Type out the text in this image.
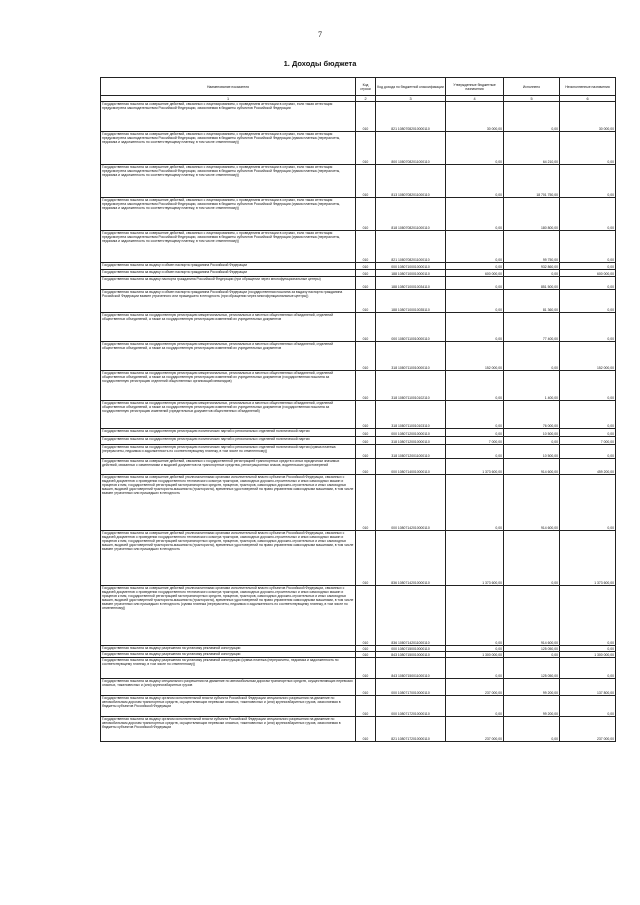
7
1. Доходы бюджета
Наименование показателя	Код строки	Код дохода по бюджетной классификации	Утвержденные бюджетные назначения	Исполнено	Неисполненные назначения
1	2	3	4	5	6
Государственная пошлина за совершение действий, связанных с лицензированием, с проведением аттестации в случаях, если такая аттестация предусмотрена законодательством Российской Федерации, зачисляемая в бюджеты субъектов Российской Федерации	010	821 10807082010000110	30 000,00	0,00	30 000,00
Государственная пошлина за совершение действий, связанных с лицензированием, с проведением аттестации в случаях, если такая аттестация предусмотрена законодательством Российской Федерации, зачисляемая в бюджеты субъектов Российской Федерации (сумма платежа (перерасчеты, недоимка и задолженность по соответствующему платежу, в том числе отмененному))	010	800 10807082011000110	0,00	64 210,00	0,00
Государственная пошлина за совершение действий, связанных с лицензированием, с проведением аттестации в случаях, если такая аттестация предусмотрена законодательством Российской Федерации, зачисляемая в бюджеты субъектов Российской Федерации (сумма платежа (перерасчеты, недоимка и задолженность по соответствующему платежу, в том числе отмененному))	010	813 10807082011000110	0,00	18 701 750,00	0,00
Государственная пошлина за совершение действий, связанных с лицензированием, с проведением аттестации в случаях, если такая аттестация предусмотрена законодательством Российской Федерации, зачисляемая в бюджеты субъектов Российской Федерации (сумма платежа (перерасчеты, недоимка и задолженность по соответствующему платежу, в том числе отмененному))	010	818 10807082011000110	0,00	180 800,00	0,00
Государственная пошлина за совершение действий, связанных с лицензированием, с проведением аттестации в случаях, если такая аттестация предусмотрена законодательством Российской Федерации, зачисляемая в бюджеты субъектов Российской Федерации (сумма платежа (перерасчеты, недоимка и задолженность по соответствующему платежу, в том числе отмененному))	010	821 10807082011000110	0,00	99 750,00	0,00
Государственная пошлина за выдачу и обмен паспорта гражданина Российской Федерации	010	000 10807100010000110	0,00	932 860,00	0,00
Государственная пошлина за выдачу и обмен паспорта гражданина Российской Федерации	010	188 10807100010000110	600 000,00	0,00	600 000,00
Государственная пошлина за выдачу паспорта гражданина Российской Федерации (при обращении через многофункциональные центры)	010	188 10807100010034110	0,00	851 500,00	0,00
Государственная пошлина за выдачу и обмен паспорта гражданина Российской Федерации (государственная пошлина за выдачу паспорта гражданина Российской Федерации взамен утраченного или пришедшего в негодность (при обращении через многофункциональные центры))	010	188 10807100010035110	0,00	81 360,00	0,00
Государственная пошлина за государственную регистрацию межрегиональных, региональных и местных общественных объединений, отделений общественных объединений, а также за государственную регистрацию изменений их учредительных документов	010	000 10807110010000110	0,00	77 400,00	0,00
Государственная пошлина за государственную регистрацию межрегиональных, региональных и местных общественных объединений, отделений общественных объединений, а также за государственную регистрацию изменений их учредительных документов	010	318 10807110010000110	152 000,00	0,00	152 000,00
Государственная пошлина за государственную регистрацию межрегиональных, региональных и местных общественных объединений, отделений общественных объединений, а также за государственную регистрацию изменений их учредительных документов (государственная пошлина за государственную регистрацию отделений общественных организаций инвалидов)	010	318 10807110010102110	0,00	1 400,00	0,00
Государственная пошлина за государственную регистрацию межрегиональных, региональных и местных общественных объединений, отделений общественных объединений, а также за государственную регистрацию изменений их учредительных документов (государственная пошлина за государственную регистрацию изменений учредительных документов общественных объединений)	010	318 10807110010103110	0,00	76 000,00	0,00
Государственная пошлина за государственную регистрацию политических партий и региональных отделений политической партии	010	000 10807120010000110	0,00	10 500,00	0,00
Государственная пошлина за государственную регистрацию политических партий и региональных отделений политической партии	010	318 10807120010000110	7 000,00	0,00	7 000,00
Государственная пошлина за государственную регистрацию политических партий и региональных отделений политической партии (сумма платежа (перерасчеты, недоимка и задолженность по соответствующему платежу, в том числе по отмененному))	010	318 10807120011000110	0,00	10 500,00	0,00
Государственная пошлина за совершение действий, связанных с государственной регистрацией транспортных средств и иных юридически значимых действий, связанных с изменениями и выдачей документов на транспортные средства, регистрационных знаков, водительских удостоверений	010	000 10807140010000110	1 373 600,00	914 600,00	459 200,00
Государственная пошлина за совершение действий уполномоченными органами исполнительной власти субъектов Российской Федерации, связанных с выдачей документов о проведении государственного технического осмотра тракторов, самоходных дорожно-строительных и иных самоходных машин и прицепов к ним, государственной регистрацией мототранспортных средств, прицепов, тракторов, самоходных дорожно-строительных и иных самоходных машин, выдачей удостоверений тракториста-машиниста (тракториста), временных удостоверений на право управления самоходными машинами, в том числе взамен утраченных или пришедших в негодность	010	000 10807142010000110	0,00	914 600,00	0,00
Государственная пошлина за совершение действий уполномоченными органами исполнительной власти субъектов Российской Федерации, связанных с выдачей документов о проведении государственного технического осмотра тракторов, самоходных дорожно-строительных и иных самоходных машин и прицепов к ним, государственной регистрацией мототранспортных средств, прицепов, тракторов, самоходных дорожно-строительных и иных самоходных машин, выдачей удостоверений тракториста-машиниста (тракториста), временных удостоверений на право управления самоходными машинами, в том числе взамен утраченных или пришедших в негодность	010	836 10807142010000110	1 373 600,00	0,00	1 373 600,00
Государственная пошлина за совершение действий уполномоченными органами исполнительной власти субъектов Российской Федерации, связанных с выдачей документов о проведении государственного технического осмотра тракторов, самоходных дорожно-строительных и иных самоходных машин и прицепов к ним, государственной регистрацией мототранспортных средств, прицепов, тракторов, самоходных дорожно-строительных и иных самоходных машин, выдачей удостоверений тракториста-машиниста (тракториста), временных удостоверений на право управления самоходными машинами, в том числе взамен утраченных или пришедших в негодность (сумма платежа (перерасчеты, недоимка и задолженность по соответствующему платежу, в том числе по отмененному))	010	836 10807142011000110	0,00	914 600,00	0,00
Государственная пошлина за выдачу разрешения на установку рекламной конструкции	010	000 10807150010000110	0,00	125 050,00	0,00
Государственная пошлина за выдачу разрешения на установку рекламной конструкции	010	843 10807150010000110	1 300 000,00	0,00	1 300 000,00
Государственная пошлина за выдачу разрешения на установку рекламной конструкции (сумма платежа (перерасчеты, недоимка и задолженность по соответствующему платежу, в том числе по отмененному))	010	843 10807150011000110	0,00	125 050,00	0,00
Государственная пошлина за выдачу специального разрешения на движение по автомобильным дорогам транспортных средств, осуществляющих перевозки опасных, тяжеловесных и (или) крупногабаритных грузов	010	000 10807170010000110	237 000,00	99 200,00	137 800,00
Государственная пошлина за выдачу органом исполнительной власти субъекта Российской Федерации специального разрешения на движение по автомобильным дорогам транспортных средств, осуществляющих перевозки опасных, тяжеловесных и (или) крупногабаритных грузов, зачисляемая в бюджеты субъектов Российской Федерации	010	000 10807172010000110	0,00	99 200,00	0,00
Государственная пошлина за выдачу органом исполнительной власти субъекта Российской Федерации специального разрешения на движение по автомобильным дорогам транспортных средств, осуществляющих перевозки опасных, тяжеловесных и (или) крупногабаритных грузов, зачисляемая в бюджеты субъектов Российской Федерации	010	821 10807172010000110	237 000,00	0,00	237 000,00
